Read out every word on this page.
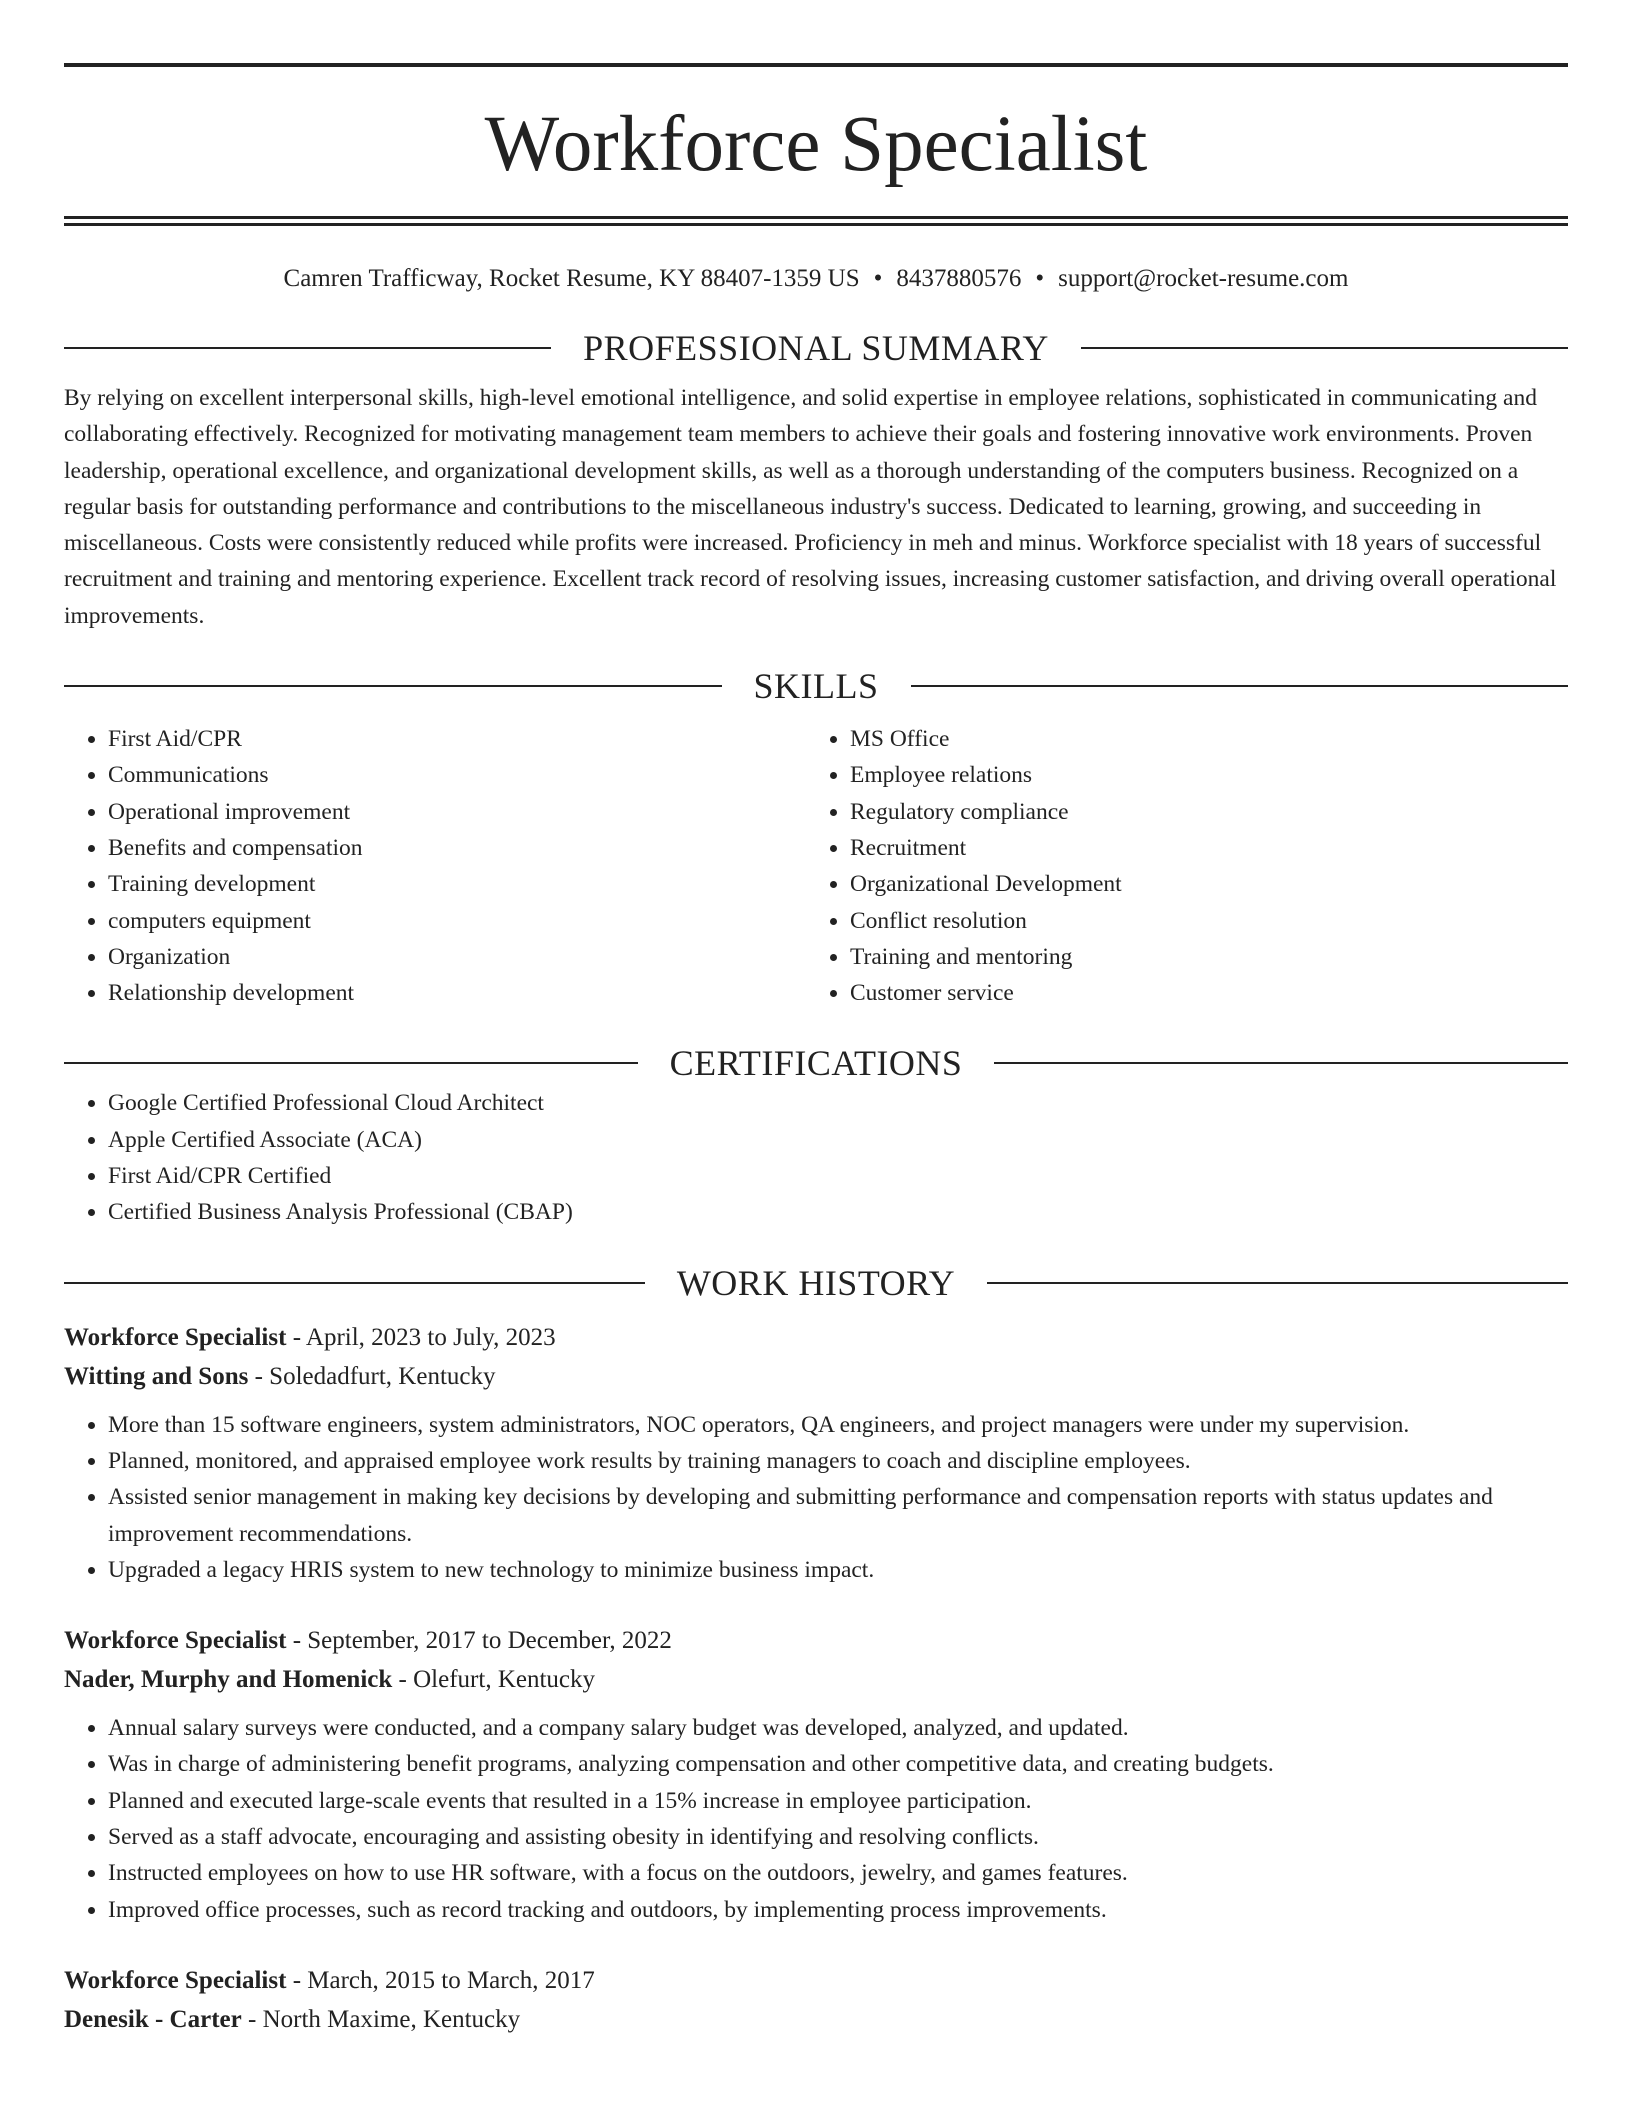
Workforce Specialist
Camren Trafficway, Rocket Resume, KY 88407-1359 US • 8437880576 • support@rocket-resume.com
PROFESSIONAL SUMMARY

By relying on excellent interpersonal skills, high-level emotional intelligence, and solid expertise in employee relations, sophisticated in communicating and collaborating effectively. Recognized for motivating management team members to achieve their goals and fostering innovative work environments. Proven leadership, operational excellence, and organizational development skills, as well as a thorough understanding of the computers business. Recognized on a regular basis for outstanding performance and contributions to the miscellaneous industry's success. Dedicated to learning, growing, and succeeding in miscellaneous. Costs were consistently reduced while profits were increased. Proficiency in meh and minus. Workforce specialist with 18 years of successful recruitment and training and mentoring experience. Excellent track record of resolving issues, increasing customer satisfaction, and driving overall operational improvements.

SKILLS
• First Aid/CPR
• Communications
• Operational improvement
• Benefits and compensation
• Training development
• computers equipment
• Organization
• Relationship development
• MS Office
• Employee relations
• Regulatory compliance
• Recruitment
• Organizational Development
• Conflict resolution
• Training and mentoring
• Customer service
CERTIFICATIONS
• Google Certified Professional Cloud Architect
• Apple Certified Associate (ACA)
• First Aid/CPR Certified
• Certified Business Analysis Professional (CBAP)
WORK HISTORY
Workforce Specialist - April, 2023 to July, 2023
Witting and Sons - Soledadfurt, Kentucky
• More than 15 software engineers, system administrators, NOC operators, QA engineers, and project managers were under my supervision.
• Planned, monitored, and appraised employee work results by training managers to coach and discipline employees.
• Assisted senior management in making key decisions by developing and submitting performance and compensation reports with status updates and improvement recommendations.
• Upgraded a legacy HRIS system to new technology to minimize business impact.
Workforce Specialist - September, 2017 to December, 2022
Nader, Murphy and Homenick - Olefurt, Kentucky
• Annual salary surveys were conducted, and a company salary budget was developed, analyzed, and updated.
• Was in charge of administering benefit programs, analyzing compensation and other competitive data, and creating budgets.
• Planned and executed large-scale events that resulted in a 15% increase in employee participation.
• Served as a staff advocate, encouraging and assisting obesity in identifying and resolving conflicts.
• Instructed employees on how to use HR software, with a focus on the outdoors, jewelry, and games features.
• Improved office processes, such as record tracking and outdoors, by implementing process improvements.
Workforce Specialist - March, 2015 to March, 2017
Denesik - Carter - North Maxime, Kentucky
